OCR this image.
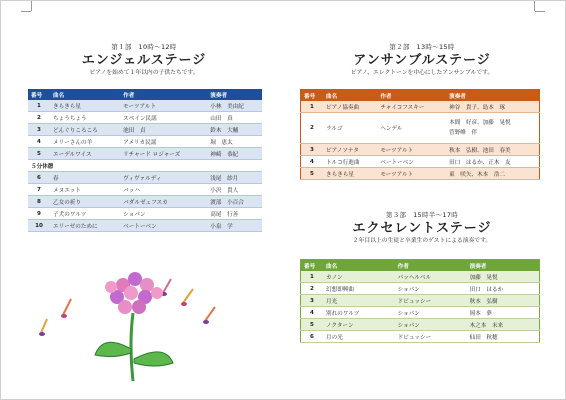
第１部　10時～12時

エンジェルステージ

ピアノを始めて１年以内の子供たちです。

番号	曲名	作者	演奏者
1	きらきら星	モーツアルト	小林　美由紀
2	ちょうちょう	スペイン民謡	山田　真
3	どんぐりころころ	池田　貞	鈴木　大輔
4	メリーさんの羊	アメリカ民謡	堀　恵太
5	エーデルワイス	リチャード ロジャーズ	神崎　恭紀
５分休憩			
6	春	ヴィヴァルディ	浅尾　紗月
7	メヌエット	バッハ	小沢　貴人
8	乙女の祈り	バダルゼェフスカ	渡部　小百合
9	子犬のワルツ	ショパン	高尾　行善
10	エリーゼのために	ベートーベン	小泉　学

第２部　13時～15時

アンサンブルステージ

ピアノ、エレクトーンを中心にしたアンサンブルです。

番号	曲名	作者	演奏者
1	ピアノ協奏曲	チャイコフスキー	神谷　貴子、島本　琢
2	ラルゴ	ヘンデル	本間　好彦、加藤　晃悦
菅野峰　伴
3	ピアノソナタ	モーツアルト	秋本　弘樹、池田　春美
4	トルコ行進曲	ベートーベン	田口　はるか、正木　友
5	きらきら星	モーツアルト	東　咲矢、木本　浩二

第３部　15時半～17時

エクセレントステージ

２年目以上の生徒と卒業生のゲストによる演奏です。

番号	曲名	作者	演奏者
1	カノン	パッヘルベル	加藤　晃悦
2	幻想即興曲	ショパン	田口　はるか
3	月光	ドビュッシー	秋本　弘樹
4	別れのワルツ	ショパン	岡本　夢
5	ノクターン	ショパン	木之本　未来
6	月の光	ドビュッシー	仙田　秋穂
